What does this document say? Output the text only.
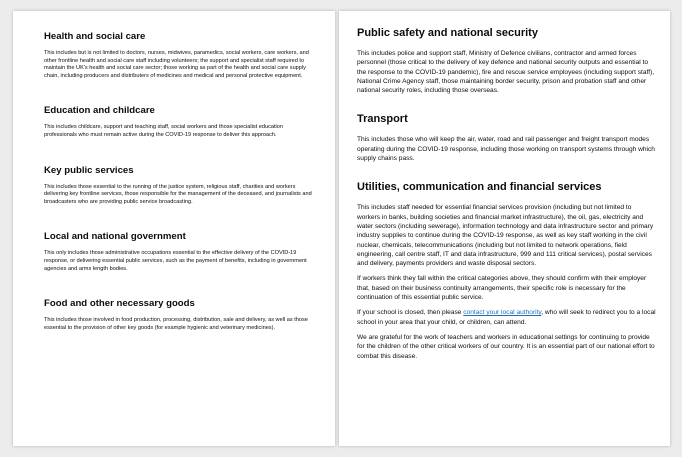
Health and social care

This includes but is not limited to doctors, nurses, midwives, paramedics, social workers, care workers, and other frontline health and social care staff including volunteers; the support and specialist staff required to maintain the UK's health and social care sector; those working as part of the health and social care supply chain, including producers and distributers of medicines and medical and personal protective equipment.

Education and childcare

This includes childcare, support and teaching staff, social workers and those specialist education professionals who must remain active during the COVID-19 response to deliver this approach.

Key public services

This includes those essential to the running of the justice system, religious staff, charities and workers delivering key frontline services, those responsible for the management of the deceased, and journalists and broadcasters who are providing public service broadcasting.

Local and national government

This only includes those administrative occupations essential to the effective delivery of the COVID-19 response, or delivering essential public services, such as the payment of benefits, including in government agencies and arms length bodies.

Food and other necessary goods

This includes those involved in food production, processing, distribution, sale and delivery, as well as those essential to the provision of other key goods (for example hygienic and veterinary medicines).

Public safety and national security

This includes police and support staff, Ministry of Defence civilians, contractor and armed forces personnel (those critical to the delivery of key defence and national security outputs and essential to the response to the COVID-19 pandemic), fire and rescue service employees (including support staff), National Crime Agency staff, those maintaining border security, prison and probation staff and other national security roles, including those overseas.

Transport

This includes those who will keep the air, water, road and rail passenger and freight transport modes operating during the COVID-19 response, including those working on transport systems through which supply chains pass.

Utilities, communication and financial services

This includes staff needed for essential financial services provision (including but not limited to workers in banks, building societies and financial market infrastructure), the oil, gas, electricity and water sectors (including sewerage), information technology and data infrastructure sector and primary industry supplies to continue during the COVID-19 response, as well as key staff working in the civil nuclear, chemicals, telecommunications (including but not limited to network operations, field engineering, call centre staff, IT and data infrastructure, 999 and 111 critical services), postal services and delivery, payments providers and waste disposal sectors.

If workers think they fall within the critical categories above, they should confirm with their employer that, based on their business continuity arrangements, their specific role is necessary for the continuation of this essential public service.

If your school is closed, then please contact your local authority, who will seek to redirect you to a local school in your area that your child, or children, can attend.

We are grateful for the work of teachers and workers in educational settings for continuing to provide for the children of the other critical workers of our country. It is an essential part of our national effort to combat this disease.
